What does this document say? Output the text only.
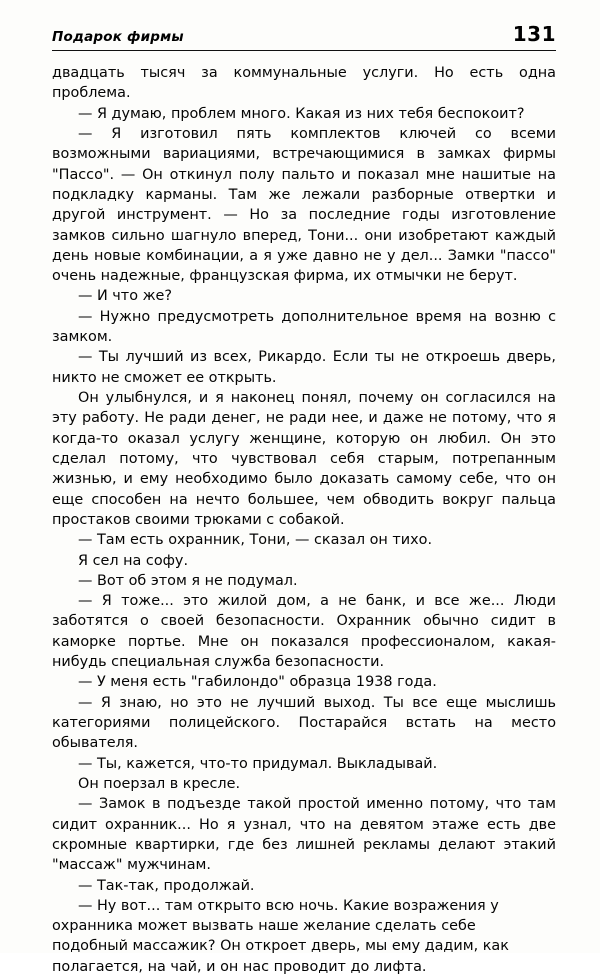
Подарок фирмы	131

двадцать тысяч за коммунальные услуги. Но есть одна проблема.

— Я думаю, проблем много. Какая из них тебя беспокоит?

— Я изготовил пять комплектов ключей со всеми возможными вариациями, встречающимися в замках фирмы "Пассо". — Он откинул полу пальто и показал мне нашитые на подкладку карманы. Там же лежали разборные отвертки и другой инструмент. — Но за последние годы изготовление замков сильно шагнуло вперед, Тони... они изобретают каждый день новые комбинации, а я уже давно не у дел... Замки "пассо" очень надежные, французская фирма, их отмычки не берут.

— И что же?

— Нужно предусмотреть дополнительное время на возню с замком.

— Ты лучший из всех, Рикардо. Если ты не откроешь дверь, никто не сможет ее открыть.

Он улыбнулся, и я наконец понял, почему он согласился на эту работу. Не ради денег, не ради нее, и даже не потому, что я когда-то оказал услугу женщине, которую он любил. Он это сделал потому, что чувствовал себя старым, потрепанным жизнью, и ему необходимо было доказать самому себе, что он еще способен на нечто большее, чем обводить вокруг пальца простаков своими трюками с собакой.

— Там есть охранник, Тони, — сказал он тихо.

Я сел на софу.

— Вот об этом я не подумал.

— Я тоже... это жилой дом, а не банк, и все же... Люди заботятся о своей безопасности. Охранник обычно сидит в каморке портье. Мне он показался профессионалом, какая-нибудь специальная служба безопасности.

— У меня есть "габилондо" образца 1938 года.

— Я знаю, но это не лучший выход. Ты все еще мыслишь категориями полицейского. Постарайся встать на место обывателя.

— Ты, кажется, что-то придумал. Выкладывай.

Он поерзал в кресле.

— Замок в подъезде такой простой именно потому, что там сидит охранник... Но я узнал, что на девятом этаже есть две скромные квартирки, где без лишней рекламы делают этакий "массаж" мужчинам.

— Так-так, продолжай.

— Ну вот... там открыто всю ночь. Какие возражения у охранника может вызвать наше желание сделать себе подобный массажик? Он откроет дверь, мы ему дадим, как полагается, на чай, и он нас проводит до лифта.
